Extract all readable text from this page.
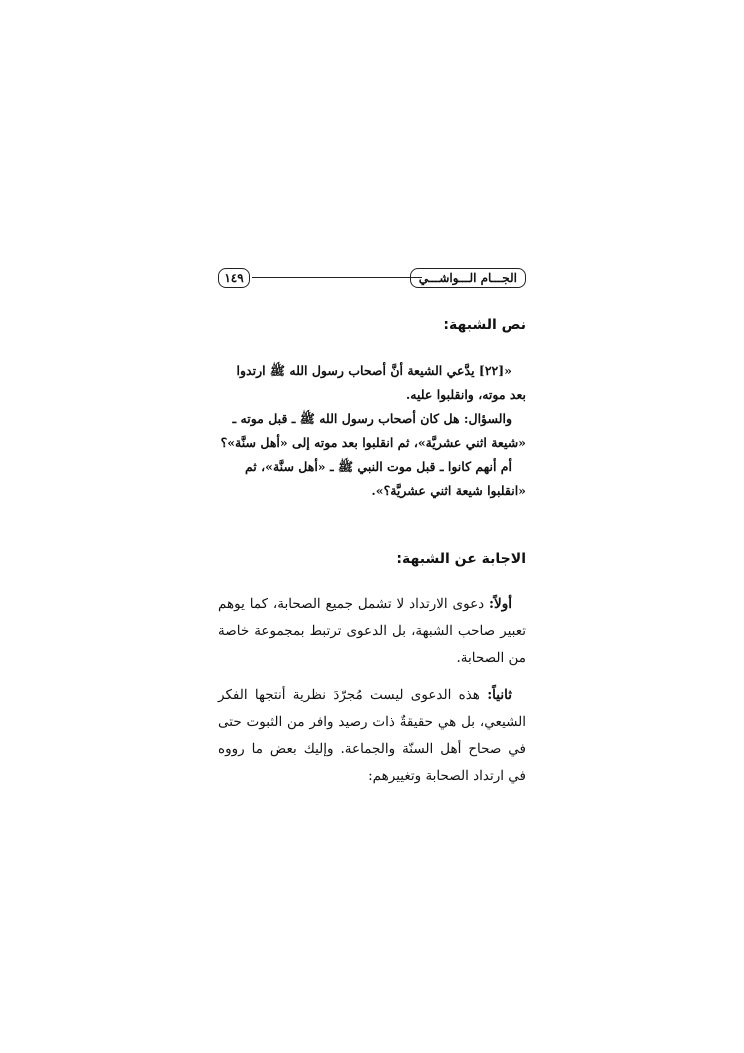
الجـــام الـــواشـــي
١٤٩
نص الشبهة:

«[٢٢] يدَّعي الشيعة أنَّ أصحاب رسول الله ﷺ ارتدوا

بعد موته، وانقلبوا عليه.

والسؤال: هل كان أصحاب رسول الله ﷺ ـ قبل موته ـ

«شيعة اثني عشريَّة»، ثم انقلبوا بعد موته إلى «أهل سنَّة»؟

أم أنهم كانوا ـ قبل موت النبي ﷺ ـ «أهل سنَّة»، ثم

«انقلبوا شيعة اثني عشريَّة؟».

الاجابة عن الشبهة:
أولاً: دعوى الارتداد لا تشمل جميع الصحابة، كما يوهم تعبير صاحب الشبهة، بل الدعوى ترتبط بمجموعة خاصة من الصحابة.
ثانياً: هذه الدعوى ليست مُجرّدَ نظرية أنتجها الفكر الشيعي، بل هي حقيقةٌ ذات رصيد وافر من الثبوت حتى في صحاح أهل السنّة والجماعة. وإليك بعض ما رووه في ارتداد الصحابة وتغييرهم:
